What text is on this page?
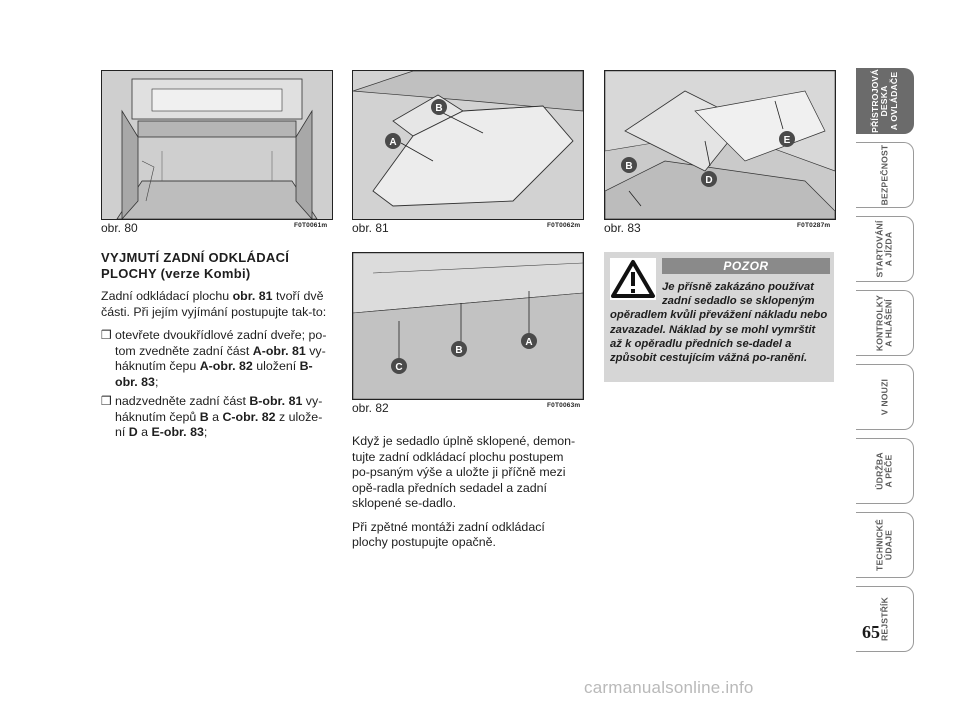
obr. 80	F0T0061m
A
B
obr. 81	F0T0062m
B
D
E
obr. 83	F0T0287m
C
B
A
obr. 82	F0T0063m
VYJMUTÍ ZADNÍ ODKLÁDACÍ
PLOCHY (verze Kombi)

Zadní odkládací plochu obr. 81 tvoří dvě části. Při jejím vyjímání postupujte tak-to:

❒ otevřete dvoukřídlové zadní dveře; po-tom zvedněte zadní část A-obr. 81 vy-háknutím čepu A-obr. 82 uložení B-obr. 83;
❒ nadzvedněte zadní část B-obr. 81 vy-háknutím čepů B a C-obr. 82 z ulože-ní D a E-obr. 83;

Když je sedadlo úplně sklopené, demon-tujte zadní odkládací plochu postupem po-psaným výše a uložte ji příčně mezi opě-radla předních sedadel a zadní sklopené se-dadlo.

Při zpětné montáži zadní odkládací plochy postupujte opačně.

POZOR
Je přísně zakázáno používat zadní sedadlo se sklopeným
opěradlem kvůli převážení nákladu nebo zavazadel. Náklad by se mohl vymrštit až k opěradlu předních se-dadel a způsobit cestujícím vážná po-ranění.
PŘÍSTROJOVÁ
DESKA
A OVLÁDAČE
BEZPEČNOST
STARTOVÁNÍ
A JÍZDA
KONTROLKY
A HLÁŠENÍ
V NOUZI
ÚDRŽBA
A PÉČE
TECHNICKÉ
ÚDAJE
REJSTŘÍK
65
carmanualsonline.info
